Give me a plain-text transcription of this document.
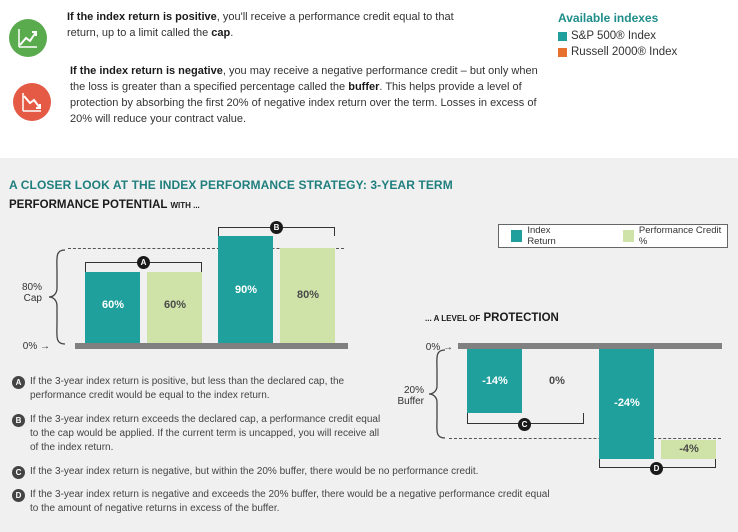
If the index return is positive, you'll receive a performance credit equal to that return, up to a limit called the cap.
If the index return is negative, you may receive a negative performance credit – but only when the loss is greater than a specified percentage called the buffer. This helps provide a level of protection by absorbing the first 20% of negative index return over the term. Losses in excess of 20% will reduce your contract value.
Available indexes
S&P 500® Index
Russell 2000® Index
A CLOSER LOOK AT THE INDEX PERFORMANCE STRATEGY: 3-YEAR TERM
PERFORMANCE POTENTIAL WITH ...
Index Return
Performance Credit %
80%
Cap
0% →
60%	60%
A
90%	80%
B
... A LEVEL OF PROTECTION
0% →
20%
Buffer
-14%	0%
C
-24%
-4%
D
A If the 3-year index return is positive, but less than the declared cap, the performance credit would be equal to the index return.
B If the 3-year index return exceeds the declared cap, a performance credit equal to the cap would be applied. If the current term is uncapped, you will receive all of the index return.
C If the 3-year index return is negative, but within the 20% buffer, there would be no performance credit.
D If the 3-year index return is negative and exceeds the 20% buffer, there would be a negative performance credit equal to the amount of negative returns in excess of the buffer.
